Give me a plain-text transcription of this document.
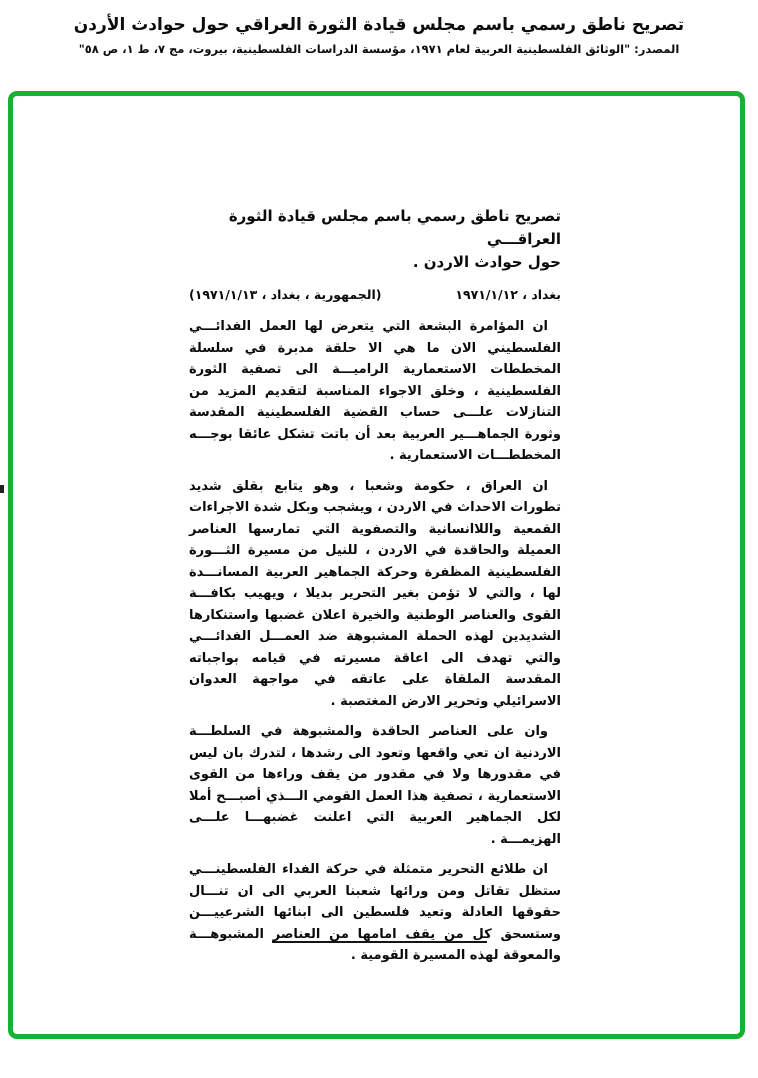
تصريح ناطق رسمي باسم مجلس قيادة الثورة العراقي حول حوادث الأردن
المصدر: "الوثائق الفلسطينية العربية لعام ١٩٧١، مؤسسة الدراسات الفلسطينية، بيروت، مج ٧، ط ١، ص ٥٨"
تصريح ناطق رسمي باسم مجلس قيادة الثورة العراقـــي
حول حوادث الاردن .
بغداد ، ١٩٧١/١/١٢
(الجمهورية ، بغداد ، ١٩٧١/١/١٣)

ان المؤامرة البشعة التي يتعرض لها العمل الفدائـــي الفلسطيني الان ما هي الا حلقة مدبرة في سلسلة المخططات الاستعمارية الراميـــة الى تصفية الثورة الفلسطينية ، وخلق الاجواء المناسبة لتقديم المزيد من التنازلات علـــى حساب القضية الفلسطينية المقدسة وثورة الجماهـــير العربية بعد أن باتت تشكل عائقا بوجـــه المخططـــات الاستعمارية .

ان العراق ، حكومة وشعبا ، وهو يتابع بقلق شديد تطورات الاحداث في الاردن ، ويشجب وبكل شدة الاجراءات القمعية واللاانسانية والتصفوية التي تمارسها العناصر العميلة والحاقدة في الاردن ، للنيل من مسيرة الثـــورة الفلسطينية المظفرة وحركة الجماهير العربية المسانـــدة لها ، والتي لا تؤمن بغير التحرير بديلا ، ويهيب بكافـــة القوى والعناصر الوطنية والخيرة اعلان غضبها واستنكارها الشديدين لهذه الحملة المشبوهة ضد العمـــل الفدائـــي والتي تهدف الى اعاقة مسيرته في قيامه بواجباته المقدسة الملقاة على عاتقه في مواجهة العدوان الاسرائيلي وتحرير الارض المغتصبة .

وان على العناصر الحاقدة والمشبوهة في السلطـــة الاردنية ان تعي واقعها وتعود الى رشدها ، لتدرك بان ليس في مقدورها ولا في مقدور من يقف وراءها من القوى الاستعمارية ، تصفية هذا العمل القومي الـــذي أصبـــح أملا لكل الجماهير العربية التي اعلنت غضبهـــا علـــى الهزيمـــة .

ان طلائع التحرير متمثلة في حركة الفداء الفلسطينـــي ستظل تقاتل ومن ورائها شعبنا العربي الى ان تنـــال حقوقها العادلة وتعيد فلسطين الى ابنائها الشرعييـــن وستسحق كل من يقف امامها من العناصر المشبوهـــة والمعوقة لهذه المسيرة القومية .
